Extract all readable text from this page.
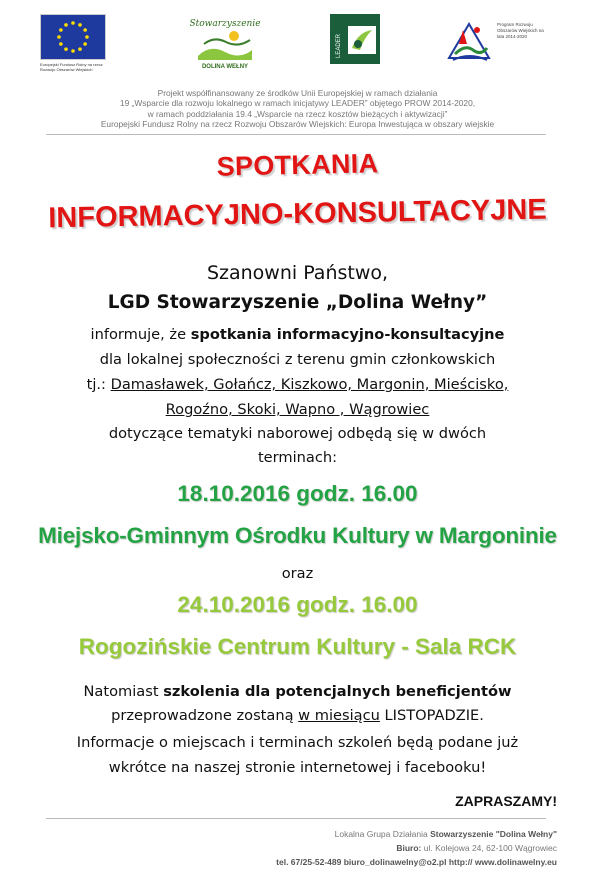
Europejski Fundusz Rolny na rzecz Rozwoju Obszarów Wiejskich
Stowarzyszenie
DOLINA WEŁNY
LEADER
Program Rozwoju Obszarów Wiejskich na lata 2014-2020
Projekt współfinansowany ze środków Unii Europejskiej w ramach działania
19 „Wsparcie dla rozwoju lokalnego w ramach inicjatywy LEADER” objętego PROW 2014-2020,
w ramach poddziałania 19.4 „Wsparcie na rzecz kosztów bieżących i aktywizacji”
Europejski Fundusz Rolny na rzecz Rozwoju Obszarów Wiejskich: Europa Inwestująca w obszary wiejskie
SPOTKANIA
INFORMACYJNO-KONSULTACYJNE
Szanowni Państwo,
LGD Stowarzyszenie „Dolina Wełny”
informuje, że spotkania informacyjno-konsultacyjne
dla lokalnej społeczności z terenu gmin członkowskich
tj.: Damasławek, Gołańcz, Kiszkowo, Margonin, Mieścisko,
Rogoźno, Skoki, Wapno , Wągrowiec
dotyczące tematyki naborowej odbędą się w dwóch
terminach:
18.10.2016 godz. 16.00
Miejsko-Gminnym Ośrodku Kultury w Margoninie
oraz
24.10.2016 godz. 16.00
Rogozińskie Centrum Kultury - Sala RCK
Natomiast szkolenia dla potencjalnych beneficjentów
przeprowadzone zostaną w miesiącu LISTOPADZIE.
Informacje o miejscach i terminach szkoleń będą podane już
wkrótce na naszej stronie internetowej i facebooku!
ZAPRASZAMY!
Lokalna Grupa Działania Stowarzyszenie "Dolina Wełny"
Biuro: ul. Kolejowa 24, 62-100 Wągrowiec
tel. 67/25-52-489 biuro_dolinawelny@o2.pl http:// www.dolinawelny.eu
